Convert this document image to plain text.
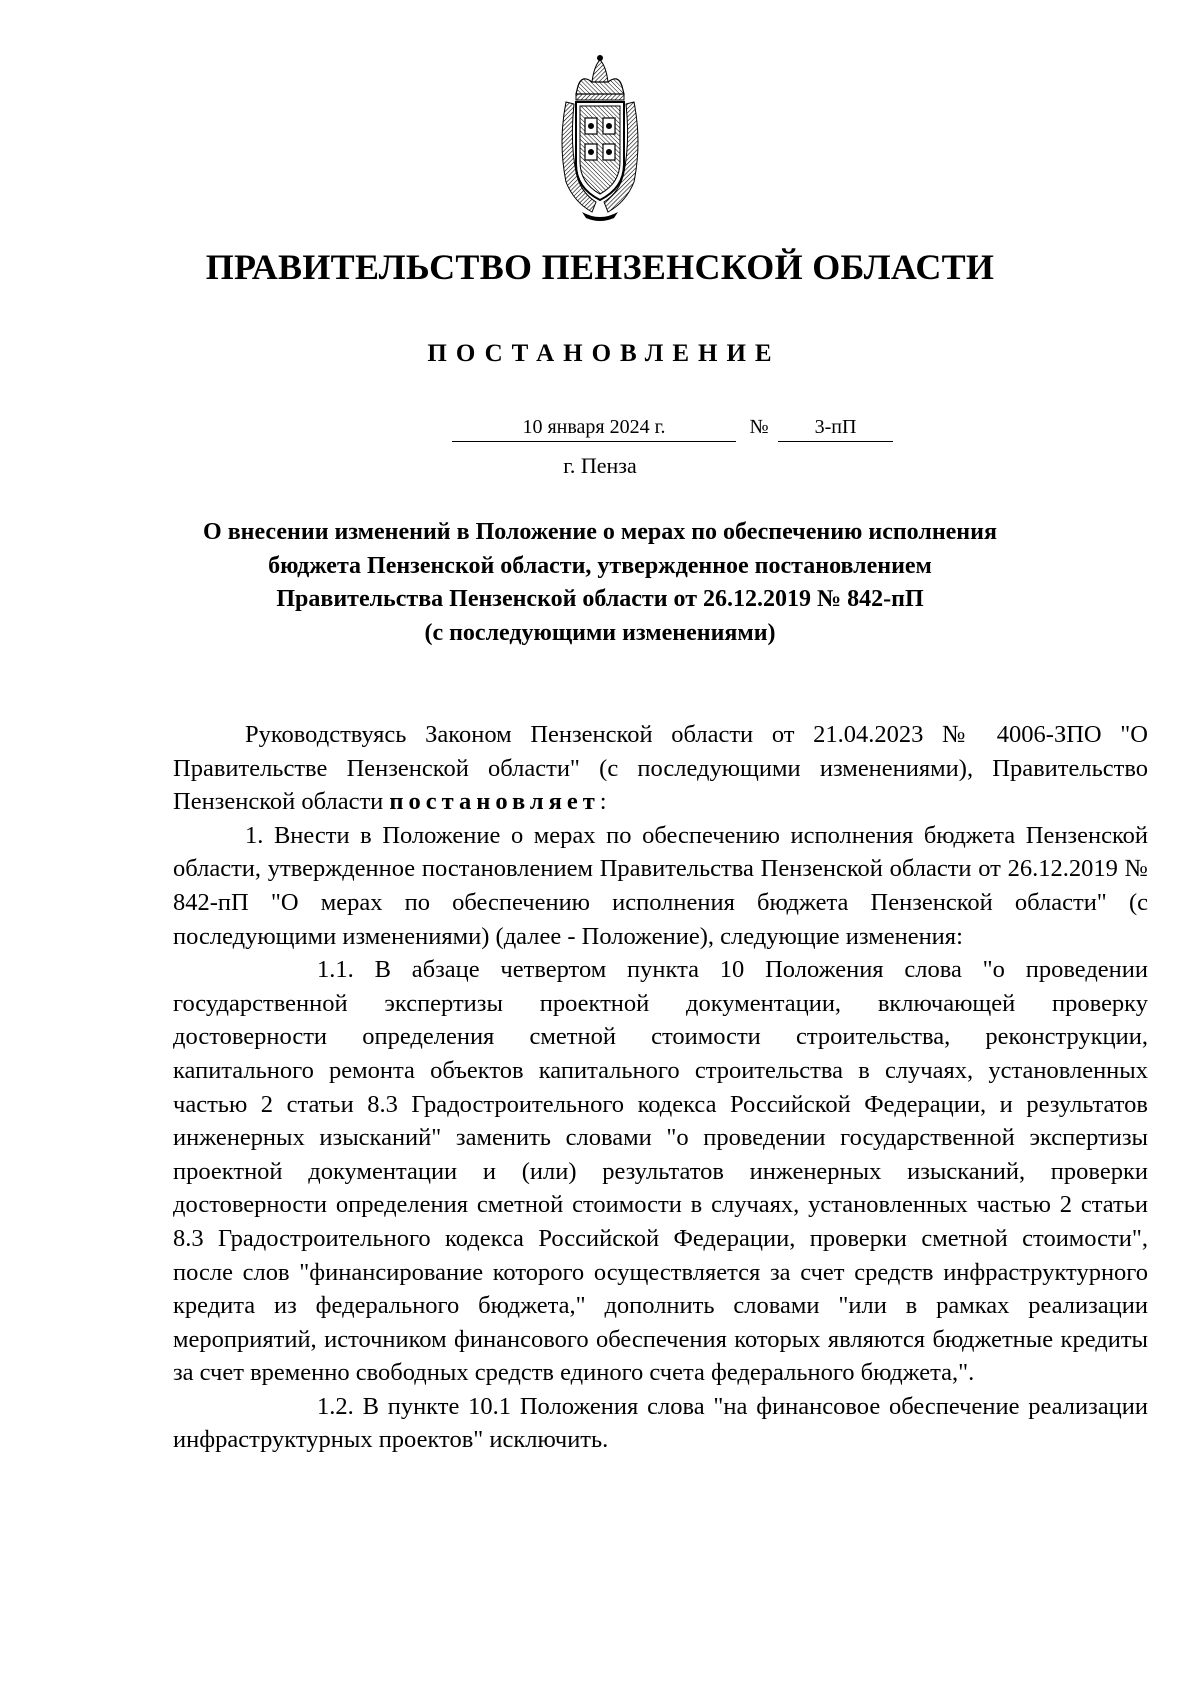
ПРАВИТЕЛЬСТВО ПЕНЗЕНСКОЙ ОБЛАСТИ
ПОСТАНОВЛЕНИЕ
10 января 2024 г.	№	3-пП
г. Пенза
О внесении изменений в Положение о мерах по обеспечению исполнения
бюджета Пензенской области, утвержденное постановлением
Правительства Пензенской области от 26.12.2019 № 842-пП
(с последующими изменениями)

Руководствуясь Законом Пензенской области от 21.04.2023 № 4006-ЗПО "О Правительстве Пензенской области" (с последующими изменениями), Правительство Пензенской области постановляет:

1. Внести в Положение о мерах по обеспечению исполнения бюджета Пензенской области, утвержденное постановлением Правительства Пензенской области от 26.12.2019 № 842-пП "О мерах по обеспечению исполнения бюджета Пензенской области" (с последующими изменениями) (далее - Положение), следующие изменения:

1.1. В абзаце четвертом пункта 10 Положения слова "о проведении государственной экспертизы проектной документации, включающей проверку достоверности определения сметной стоимости строительства, реконструкции, капитального ремонта объектов капитального строительства в случаях, установленных частью 2 статьи 8.3 Градостроительного кодекса Российской Федерации, и результатов инженерных изысканий" заменить словами "о проведении государственной экспертизы проектной документации и (или) результатов инженерных изысканий, проверки достоверности определения сметной стоимости в случаях, установленных частью 2 статьи 8.3 Градостроительного кодекса Российской Федерации, проверки сметной стоимости", после слов "финансирование которого осуществляется за счет средств инфраструктурного кредита из федерального бюджета," дополнить словами "или в рамках реализации мероприятий, источником финансового обеспечения которых являются бюджетные кредиты за счет временно свободных средств единого счета федерального бюджета,".

1.2. В пункте 10.1 Положения слова "на финансовое обеспечение реализации инфраструктурных проектов" исключить.
